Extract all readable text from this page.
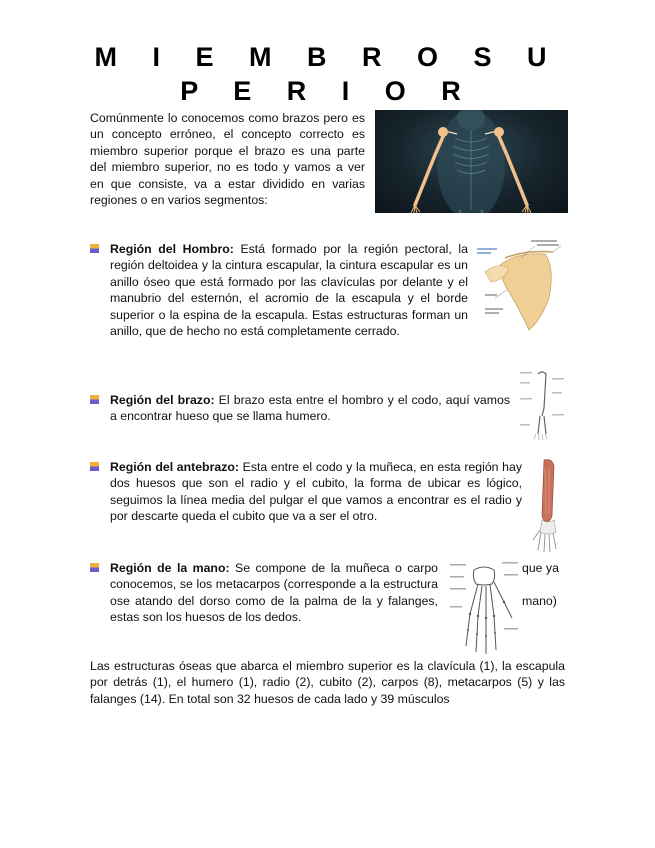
M I E M B R O S U P E R I O R

Comúnmente lo conocemos como brazos pero es un concepto erróneo, el concepto correcto es miembro superior porque el brazo es una parte del miembro superior, no es todo y vamos a ver en que consiste, va a estar dividido en varias regiones o en varios segmentos:

Región del Hombro: Está formado por la región pectoral, la región deltoidea y la cintura escapular, la cintura escapular es un anillo óseo que está formado por las clavículas por delante y el manubrio del esternón, el acromio de la escapula y el borde superior o la espina de la escapula. Estas estructuras forman un anillo, que de hecho no está completamente cerrado.

Región del brazo: El brazo esta entre el hombro y el codo, aquí vamos a encontrar hueso que se llama humero.

Región del antebrazo: Esta entre el codo y la muñeca, en esta región hay dos huesos que son el radio y el cubito, la forma de ubicar es lógico, seguimos la línea media del pulgar el que vamos a encontrar es el radio y por descarte queda el cubito que va a ser el otro.

Región de la mano: Se compone de la muñeca o carpo conocemos, se los metacarpos (corresponde a la estructura ose atando del dorso como de la palma de la y falanges, estas son los huesos de los dedos.

que ya
mano)

Las estructuras óseas que abarca el miembro superior es la clavícula (1), la escapula por detrás (1), el humero (1), radio (2), cubito (2), carpos (8), metacarpos (5) y las falanges (14). En total son 32 huesos de cada lado y 39 músculos
